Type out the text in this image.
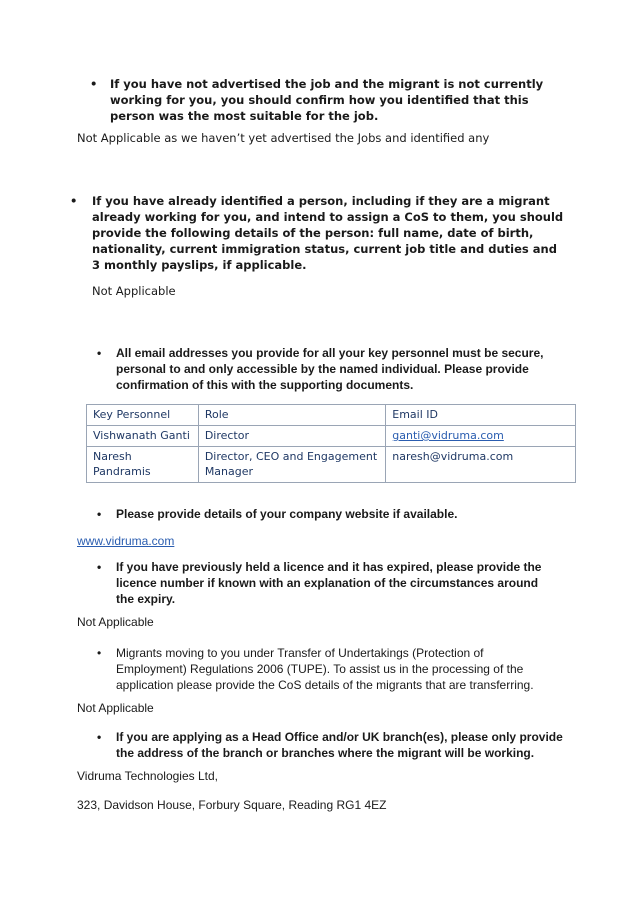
•	If you have not advertised the job and the migrant is not currently working for you, you should confirm how you identified that this person was the most suitable for the job.
Not Applicable as we haven’t yet advertised the Jobs and identified any
•	If you have already identified a person, including if they are a migrant already working for you, and intend to assign a CoS to them, you should provide the following details of the person: full name, date of birth, nationality, current immigration status, current job title and duties and 3 monthly payslips, if applicable.
Not Applicable
•	All email addresses you provide for all your key personnel must be secure, personal to and only accessible by the named individual. Please provide confirmation of this with the supporting documents.
Key Personnel	Role	Email ID
Vishwanath Ganti	Director	ganti@vidruma.com
Naresh Pandramis	Director, CEO and Engagement Manager	naresh@vidruma.com
•	Please provide details of your company website if available.
www.vidruma.com
•	If you have previously held a licence and it has expired, please provide the licence number if known with an explanation of the circumstances around the expiry.
Not Applicable
•	Migrants moving to you under Transfer of Undertakings (Protection of Employment) Regulations 2006 (TUPE). To assist us in the processing of the application please provide the CoS details of the migrants that are transferring.
Not Applicable
•	If you are applying as a Head Office and/or UK branch(es), please only provide the address of the branch or branches where the migrant will be working.
Vidruma Technologies Ltd,
323, Davidson House, Forbury Square, Reading RG1 4EZ
